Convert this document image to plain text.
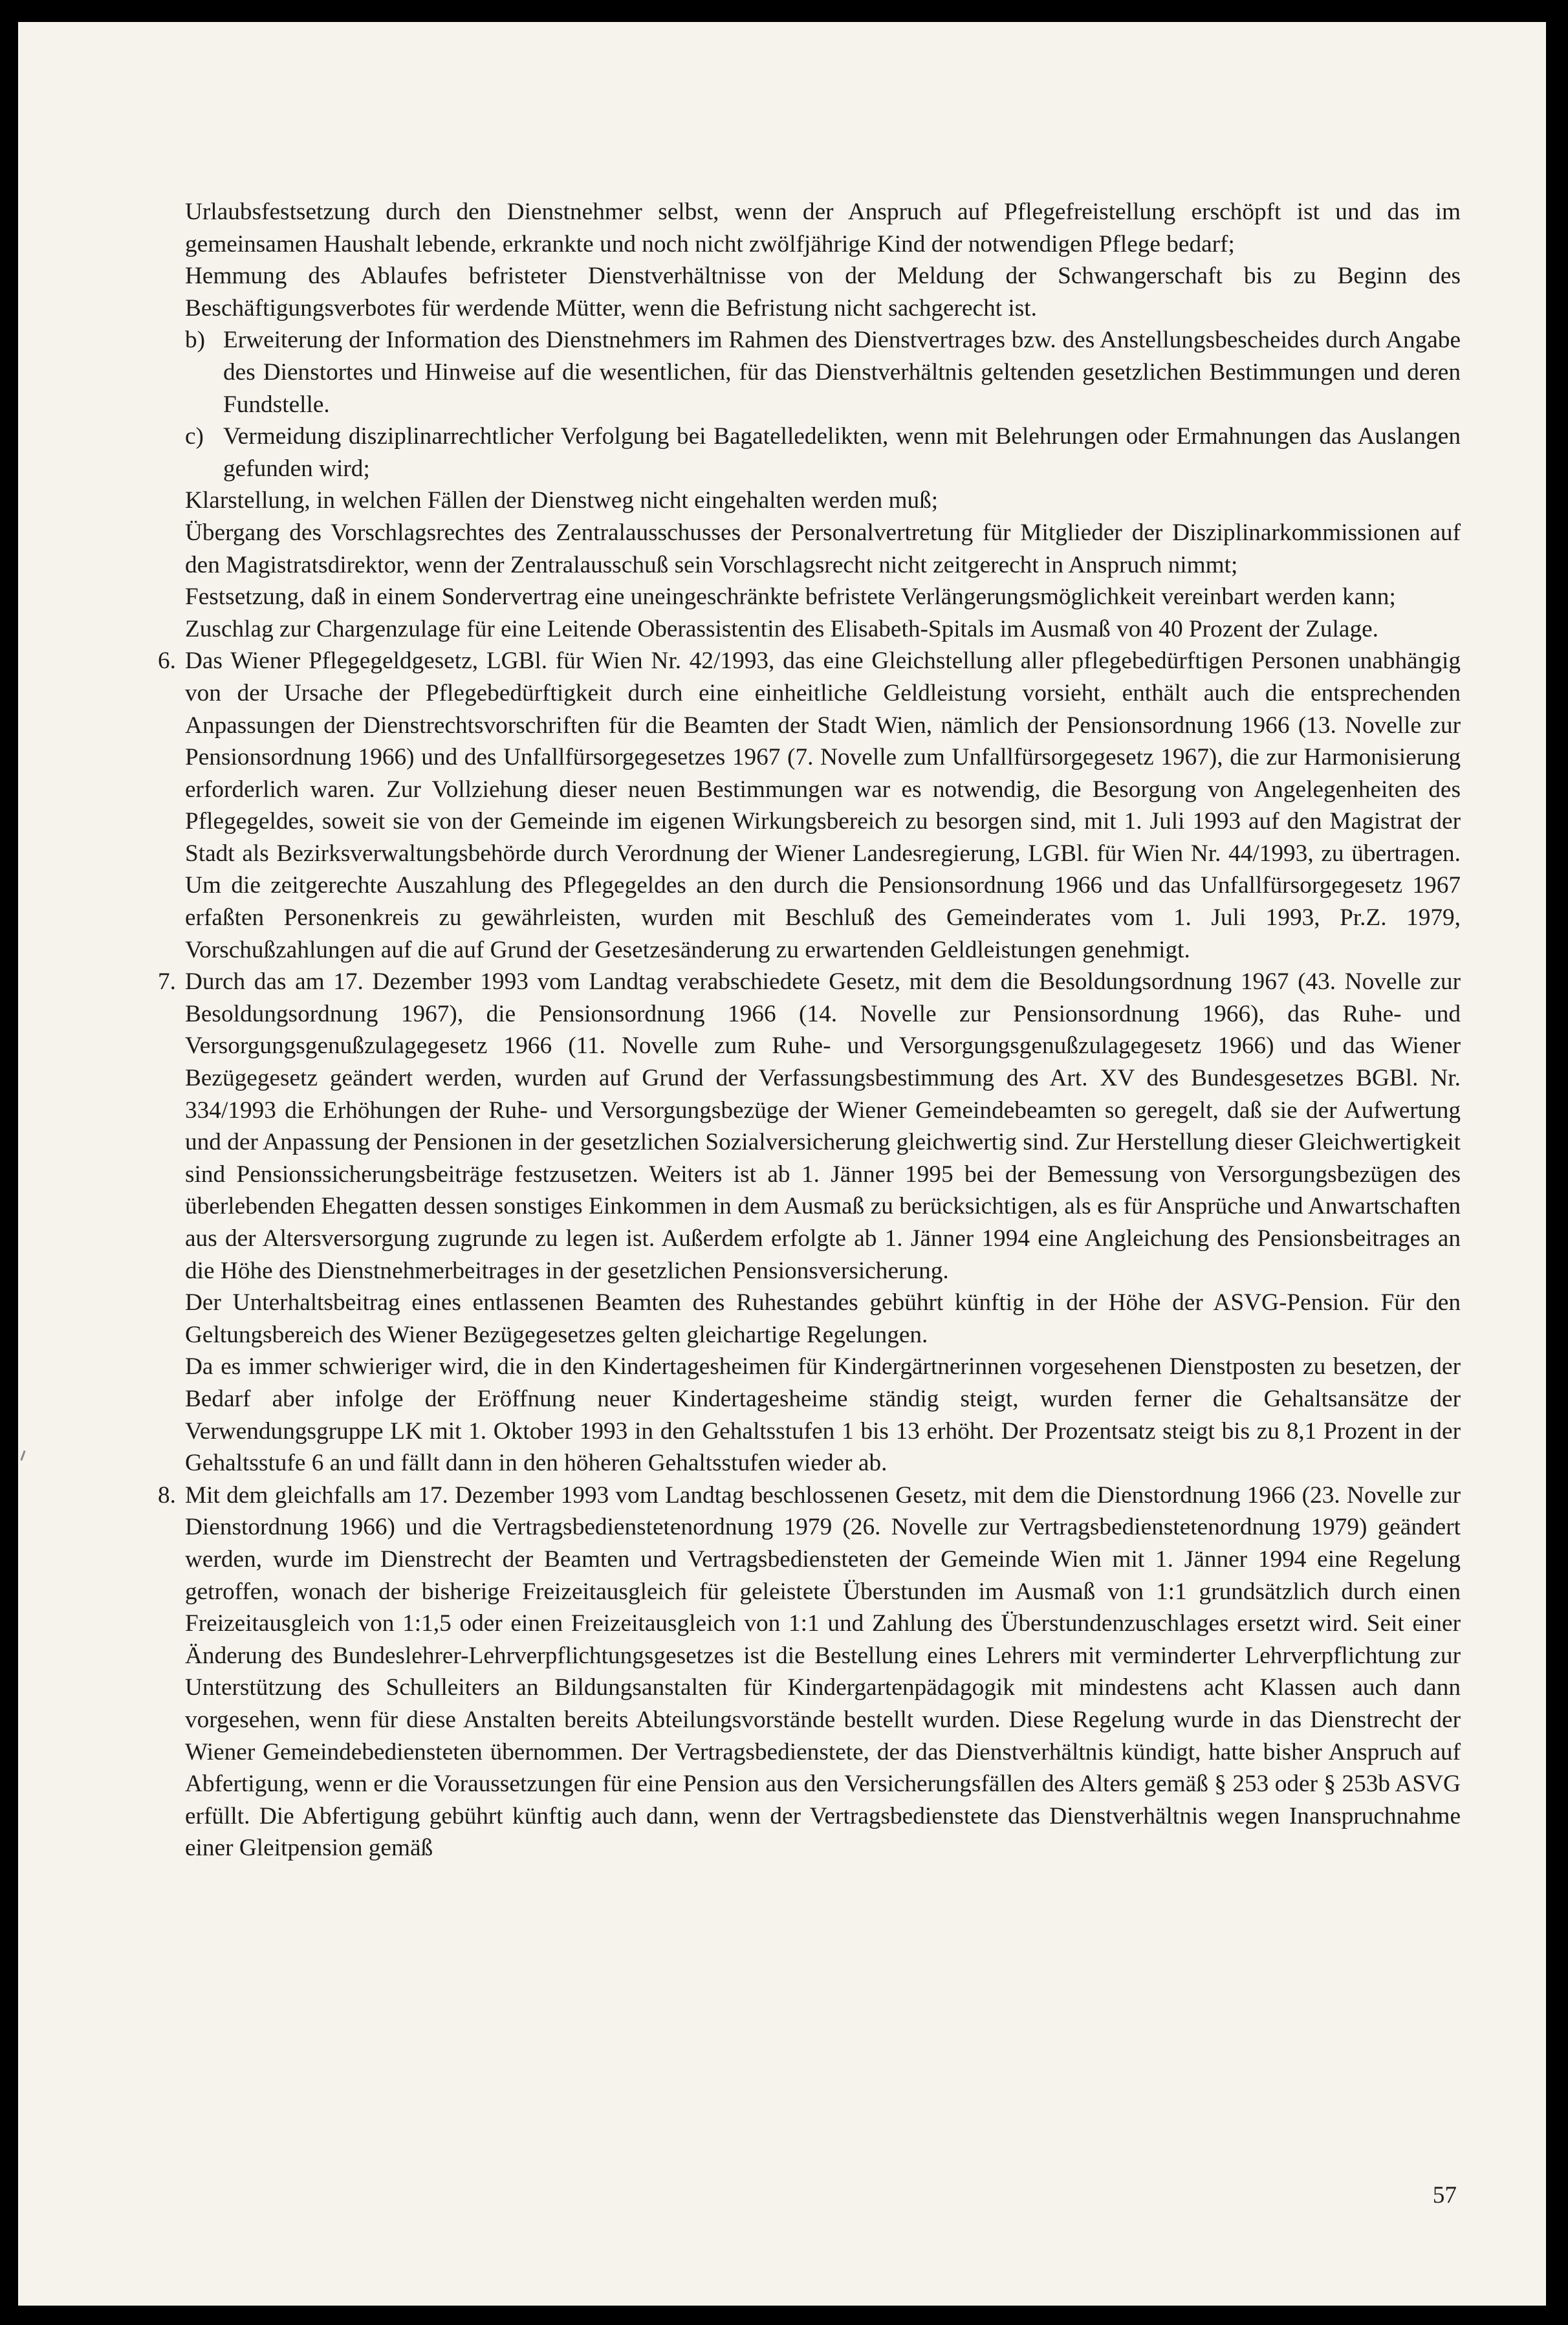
Urlaubsfestsetzung durch den Dienstnehmer selbst, wenn der Anspruch auf Pflegefreistellung erschöpft ist und das im gemeinsamen Haushalt lebende, erkrankte und noch nicht zwölfjährige Kind der notwendigen Pflege bedarf;

Hemmung des Ablaufes befristeter Dienstverhältnisse von der Meldung der Schwangerschaft bis zu Beginn des Beschäftigungsverbotes für werdende Mütter, wenn die Befristung nicht sachgerecht ist.

b) Erweiterung der Information des Dienstnehmers im Rahmen des Dienstvertrages bzw. des Anstellungsbescheides durch Angabe des Dienstortes und Hinweise auf die wesentlichen, für das Dienstverhältnis geltenden gesetzlichen Bestimmungen und deren Fundstelle.

c) Vermeidung disziplinarrechtlicher Verfolgung bei Bagatelledelikten, wenn mit Belehrungen oder Ermahnungen das Auslangen gefunden wird;

Klarstellung, in welchen Fällen der Dienstweg nicht eingehalten werden muß;

Übergang des Vorschlagsrechtes des Zentralausschusses der Personalvertretung für Mitglieder der Disziplinarkommissionen auf den Magistratsdirektor, wenn der Zentralausschuß sein Vorschlagsrecht nicht zeitgerecht in Anspruch nimmt;

Festsetzung, daß in einem Sondervertrag eine uneingeschränkte befristete Verlängerungsmöglichkeit vereinbart werden kann;

Zuschlag zur Chargenzulage für eine Leitende Oberassistentin des Elisabeth-Spitals im Ausmaß von 40 Prozent der Zulage.

6. Das Wiener Pflegegeldgesetz, LGBl. für Wien Nr. 42/1993, das eine Gleichstellung aller pflegebedürftigen Personen unabhängig von der Ursache der Pflegebedürftigkeit durch eine einheitliche Geldleistung vorsieht, enthält auch die entsprechenden Anpassungen der Dienstrechtsvorschriften für die Beamten der Stadt Wien, nämlich der Pensionsordnung 1966 (13. Novelle zur Pensionsordnung 1966) und des Unfallfürsorgegesetzes 1967 (7. Novelle zum Unfallfürsorgegesetz 1967), die zur Harmonisierung erforderlich waren. Zur Vollziehung dieser neuen Bestimmungen war es notwendig, die Besorgung von Angelegenheiten des Pflegegeldes, soweit sie von der Gemeinde im eigenen Wirkungsbereich zu besorgen sind, mit 1. Juli 1993 auf den Magistrat der Stadt als Bezirksverwaltungsbehörde durch Verordnung der Wiener Landesregierung, LGBl. für Wien Nr. 44/1993, zu übertragen. Um die zeitgerechte Auszahlung des Pflegegeldes an den durch die Pensionsordnung 1966 und das Unfallfürsorgegesetz 1967 erfaßten Personenkreis zu gewährleisten, wurden mit Beschluß des Gemeinderates vom 1. Juli 1993, Pr.Z. 1979, Vorschußzahlungen auf die auf Grund der Gesetzesänderung zu erwartenden Geldleistungen genehmigt.

7. Durch das am 17. Dezember 1993 vom Landtag verabschiedete Gesetz, mit dem die Besoldungsordnung 1967 (43. Novelle zur Besoldungsordnung 1967), die Pensionsordnung 1966 (14. Novelle zur Pensionsordnung 1966), das Ruhe- und Versorgungsgenußzulagegesetz 1966 (11. Novelle zum Ruhe- und Versorgungsgenußzulagegesetz 1966) und das Wiener Bezügegesetz geändert werden, wurden auf Grund der Verfassungsbestimmung des Art. XV des Bundesgesetzes BGBl. Nr. 334/1993 die Erhöhungen der Ruhe- und Versorgungsbezüge der Wiener Gemeindebeamten so geregelt, daß sie der Aufwertung und der Anpassung der Pensionen in der gesetzlichen Sozialversicherung gleichwertig sind. Zur Herstellung dieser Gleichwertigkeit sind Pensionssicherungsbeiträge festzusetzen. Weiters ist ab 1. Jänner 1995 bei der Bemessung von Versorgungsbezügen des überlebenden Ehegatten dessen sonstiges Einkommen in dem Ausmaß zu berücksichtigen, als es für Ansprüche und Anwartschaften aus der Altersversorgung zugrunde zu legen ist. Außerdem erfolgte ab 1. Jänner 1994 eine Angleichung des Pensionsbeitrages an die Höhe des Dienstnehmerbeitrages in der gesetzlichen Pensionsversicherung.

Der Unterhaltsbeitrag eines entlassenen Beamten des Ruhestandes gebührt künftig in der Höhe der ASVG-Pension. Für den Geltungsbereich des Wiener Bezügegesetzes gelten gleichartige Regelungen.

Da es immer schwieriger wird, die in den Kindertagesheimen für Kindergärtnerinnen vorgesehenen Dienstposten zu besetzen, der Bedarf aber infolge der Eröffnung neuer Kindertagesheime ständig steigt, wurden ferner die Gehaltsansätze der Verwendungsgruppe LK mit 1. Oktober 1993 in den Gehaltsstufen 1 bis 13 erhöht. Der Prozentsatz steigt bis zu 8,1 Prozent in der Gehaltsstufe 6 an und fällt dann in den höheren Gehaltsstufen wieder ab.

8. Mit dem gleichfalls am 17. Dezember 1993 vom Landtag beschlossenen Gesetz, mit dem die Dienstordnung 1966 (23. Novelle zur Dienstordnung 1966) und die Vertragsbedienstetenordnung 1979 (26. Novelle zur Vertragsbedienstetenordnung 1979) geändert werden, wurde im Dienstrecht der Beamten und Vertragsbediensteten der Gemeinde Wien mit 1. Jänner 1994 eine Regelung getroffen, wonach der bisherige Freizeitausgleich für geleistete Überstunden im Ausmaß von 1:1 grundsätzlich durch einen Freizeitausgleich von 1:1,5 oder einen Freizeitausgleich von 1:1 und Zahlung des Überstundenzuschlages ersetzt wird. Seit einer Änderung des Bundeslehrer-Lehrverpflichtungsgesetzes ist die Bestellung eines Lehrers mit verminderter Lehrverpflichtung zur Unterstützung des Schulleiters an Bildungsanstalten für Kindergartenpädagogik mit mindestens acht Klassen auch dann vorgesehen, wenn für diese Anstalten bereits Abteilungsvorstände bestellt wurden. Diese Regelung wurde in das Dienstrecht der Wiener Gemeindebediensteten übernommen. Der Vertragsbedienstete, der das Dienstverhältnis kündigt, hatte bisher Anspruch auf Abfertigung, wenn er die Voraussetzungen für eine Pension aus den Versicherungsfällen des Alters gemäß § 253 oder § 253b ASVG erfüllt. Die Abfertigung gebührt künftig auch dann, wenn der Vertragsbedienstete das Dienstverhältnis wegen Inanspruchnahme einer Gleitpension gemäß

57
